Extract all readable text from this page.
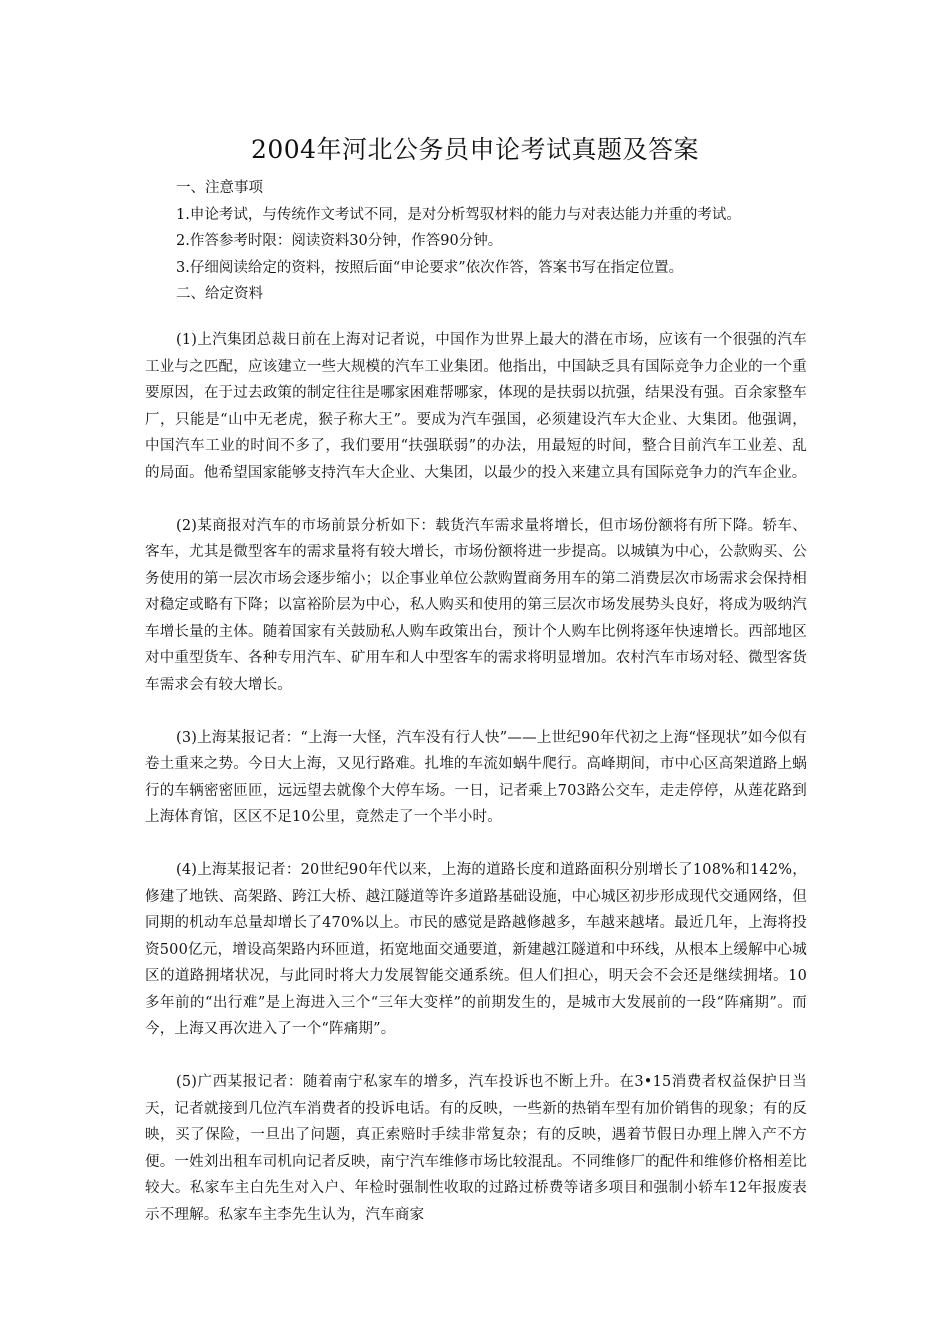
2004年河北公务员申论考试真题及答案
一、注意事项
1.申论考试，与传统作文考试不同，是对分析驾驭材料的能力与对表达能力并重的考试。
2.作答参考时限：阅读资料30分钟，作答90分钟。
3.仔细阅读给定的资料，按照后面“申论要求”依次作答，答案书写在指定位置。
二、给定资料

(1)上汽集团总裁日前在上海对记者说，中国作为世界上最大的潜在市场，应该有一个很强的汽车工业与之匹配，应该建立一些大规模的汽车工业集团。他指出，中国缺乏具有国际竞争力企业的一个重要原因，在于过去政策的制定往往是哪家困难帮哪家，体现的是扶弱以抗强，结果没有强。百余家整车厂，只能是“山中无老虎，猴子称大王”。要成为汽车强国，必须建设汽车大企业、大集团。他强调，中国汽车工业的时间不多了，我们要用“扶强联弱”的办法，用最短的时间，整合目前汽车工业差、乱的局面。他希望国家能够支持汽车大企业、大集团，以最少的投入来建立具有国际竞争力的汽车企业。

(2)某商报对汽车的市场前景分析如下：载货汽车需求量将增长，但市场份额将有所下降。轿车、客车，尤其是微型客车的需求量将有较大增长，市场份额将进一步提高。以城镇为中心，公款购买、公务使用的第一层次市场会逐步缩小；以企事业单位公款购置商务用车的第二消费层次市场需求会保持相对稳定或略有下降；以富裕阶层为中心，私人购买和使用的第三层次市场发展势头良好，将成为吸纳汽车增长量的主体。随着国家有关鼓励私人购车政策出台，预计个人购车比例将逐年快速增长。西部地区对中重型货车、各种专用汽车、矿用车和人中型客车的需求将明显增加。农村汽车市场对轻、微型客货车需求会有较大增长。

(3)上海某报记者：“上海一大怪，汽车没有行人快”——上世纪90年代初之上海“怪现状”如今似有卷土重来之势。今日大上海，又见行路难。扎堆的车流如蜗牛爬行。高峰期间，市中心区高架道路上蜗行的车辆密密匝匝，远远望去就像个大停车场。一日，记者乘上703路公交车，走走停停，从莲花路到上海体育馆，区区不足10公里，竟然走了一个半小时。

(4)上海某报记者：20世纪90年代以来，上海的道路长度和道路面积分别增长了108%和142%，修建了地铁、高架路、跨江大桥、越江隧道等许多道路基础设施，中心城区初步形成现代交通网络，但同期的机动车总量却增长了470%以上。市民的感觉是路越修越多，车越来越堵。最近几年，上海将投资500亿元，增设高架路内环匝道，拓宽地面交通要道，新建越江隧道和中环线，从根本上缓解中心城区的道路拥堵状况，与此同时将大力发展智能交通系统。但人们担心，明天会不会还是继续拥堵。10多年前的“出行难”是上海进入三个“三年大变样”的前期发生的，是城市大发展前的一段“阵痛期”。而今，上海又再次进入了一个“阵痛期”。

(5)广西某报记者：随着南宁私家车的增多，汽车投诉也不断上升。在3•15消费者权益保护日当天，记者就接到几位汽车消费者的投诉电话。有的反映，一些新的热销车型有加价销售的现象；有的反映，买了保险，一旦出了问题，真正索赔时手续非常复杂；有的反映，遇着节假日办理上牌入产不方便。一姓刘出租车司机向记者反映，南宁汽车维修市场比较混乱。不同维修厂的配件和维修价格相差比较大。私家车主白先生对入户、年检时强制性收取的过路过桥费等诸多项目和强制小轿车12年报废表示不理解。私家车主李先生认为，汽车商家
